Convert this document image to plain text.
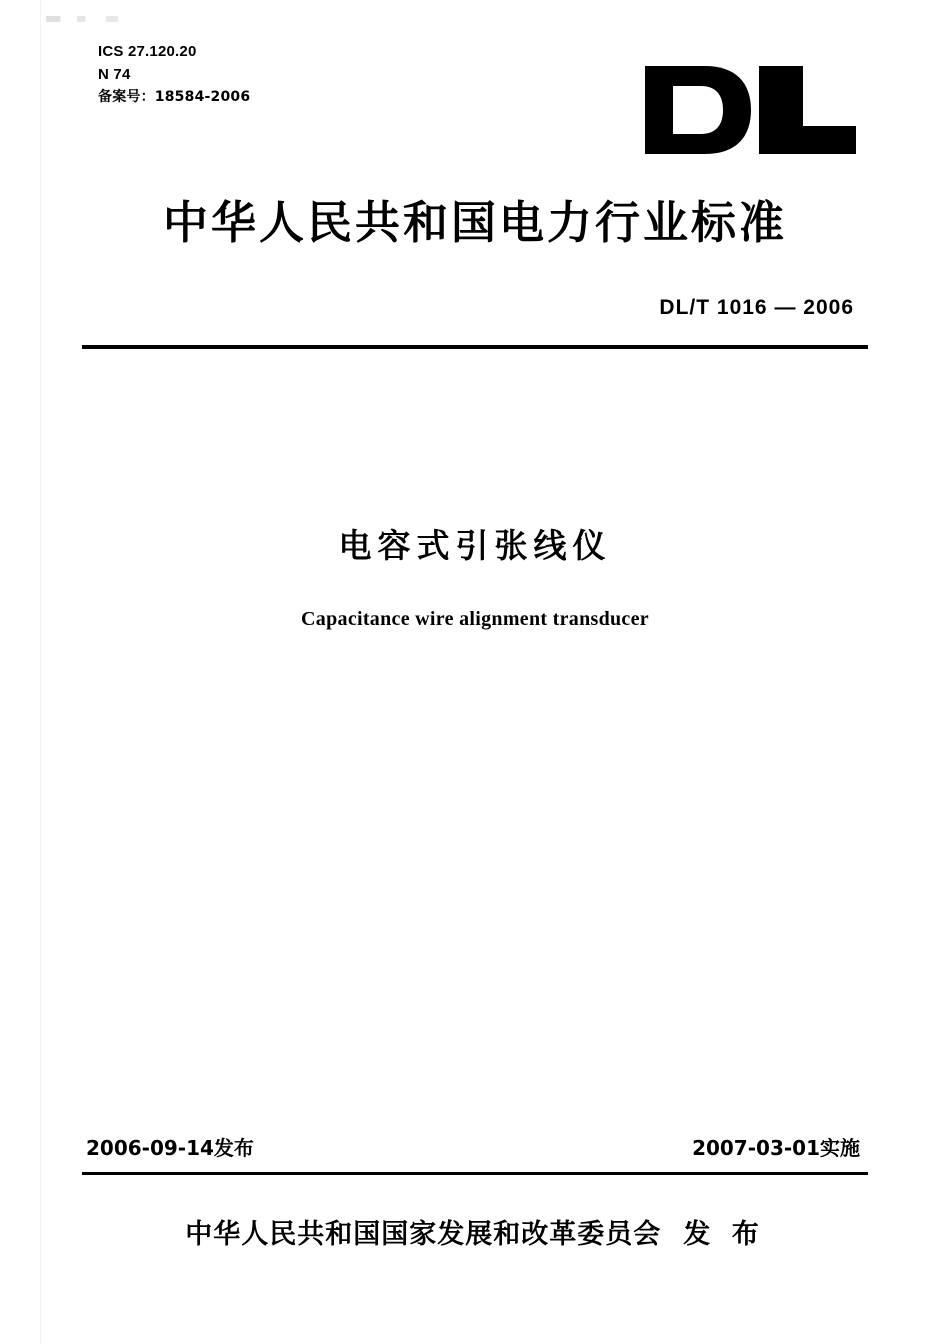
ICS 27.120.20
N 74
备案号：18584-2006
中华人民共和国电力行业标准
DL/T 1016 — 2006
电容式引张线仪
Capacitance wire alignment transducer
2006-09-14发布	2007-03-01实施
中华人民共和国国家发展和改革委员会 发 布
